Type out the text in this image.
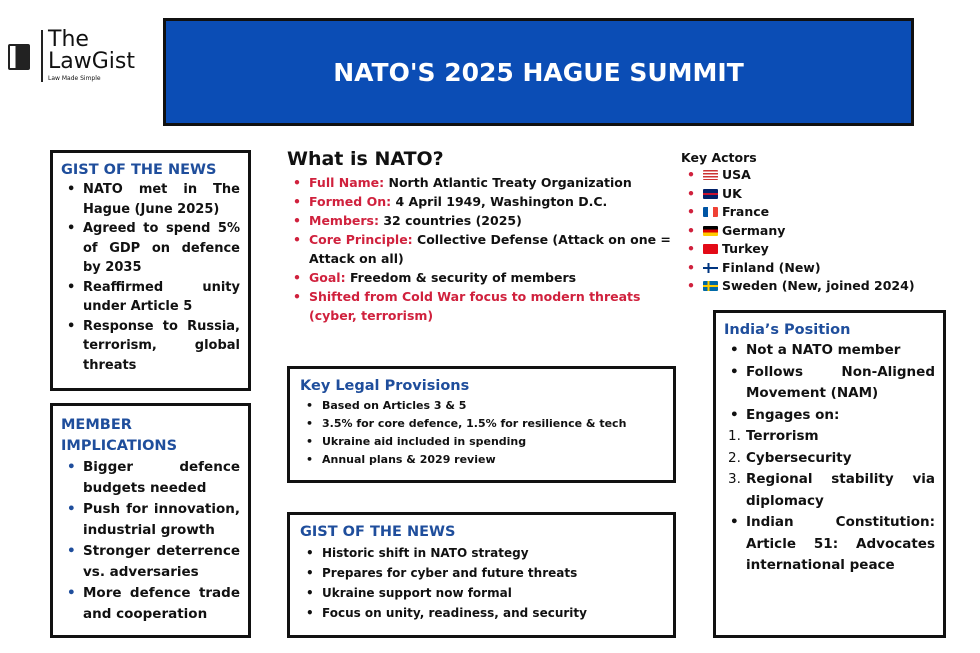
The
LawGist
Law Made Simple	NATO'S 2025 HAGUE SUMMIT
GIST OF THE NEWS
• NATO met in The Hague (June 2025)
• Agreed to spend 5% of GDP on defence by 2035
• Reaffirmed unity under Article 5
• Response to Russia, terrorism, global threats
MEMBER IMPLICATIONS
• Bigger defence budgets needed
• Push for innovation, industrial growth
• Stronger deterrence vs. adversaries
• More defence trade and cooperation
What is NATO?
• Full Name: North Atlantic Treaty Organization
• Formed On: 4 April 1949, Washington D.C.
• Members: 32 countries (2025)
• Core Principle: Collective Defense (Attack on one = Attack on all)
• Goal: Freedom & security of members
• Shifted from Cold War focus to modern threats (cyber, terrorism)
Key Actors
• USA
• UK
• France
• Germany
• Turkey
• Finland (New)
• Sweden (New, joined 2024)
Key Legal Provisions
• Based on Articles 3 & 5
• 3.5% for core defence, 1.5% for resilience & tech
• Ukraine aid included in spending
• Annual plans & 2029 review
GIST OF THE NEWS
• Historic shift in NATO strategy
• Prepares for cyber and future threats
• Ukraine support now formal
• Focus on unity, readiness, and security
India’s Position
• Not a NATO member
• Follows Non-Aligned Movement (NAM)
• Engages on:
1. Terrorism
2. Cybersecurity
3. Regional stability via diplomacy
• Indian Constitution: Article 51: Advocates international peace
